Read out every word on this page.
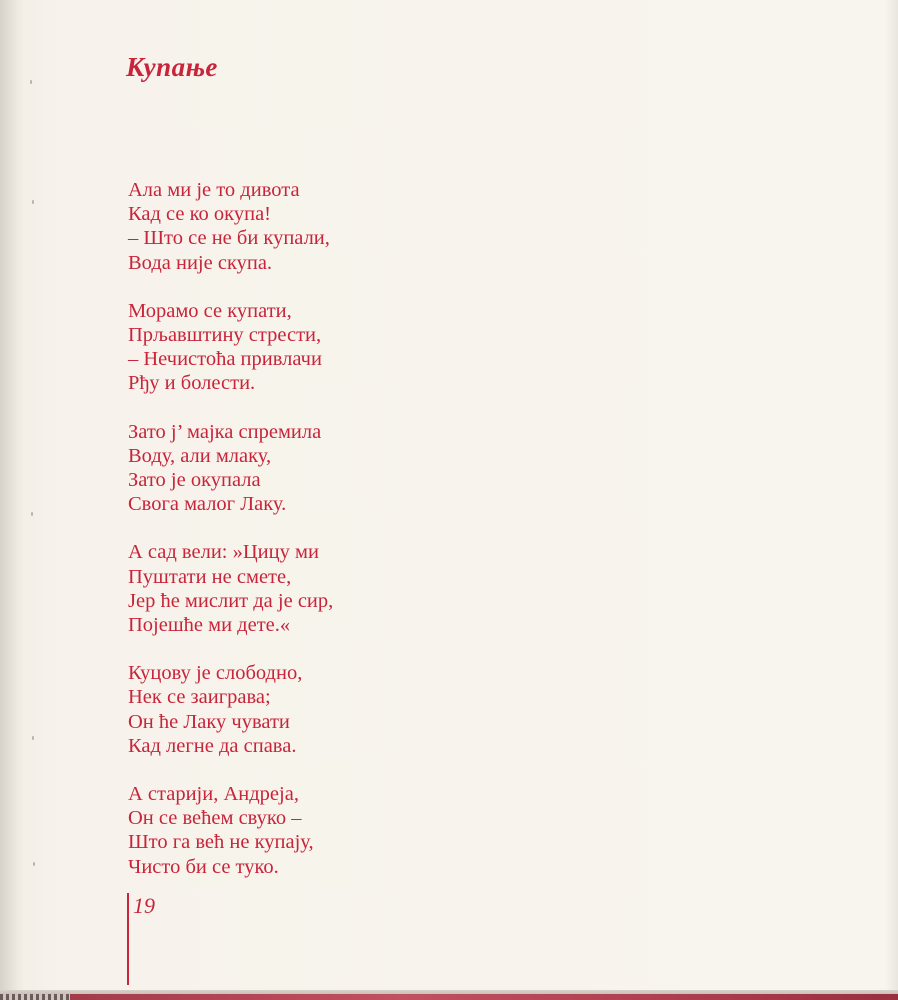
Купање
Ала ми је то дивота
Кад се ко окупа!
– Што се не би купали,
Вода није скупа.
Морамо се купати,
Прљавштину стрести,
– Нечистоћа привлачи
Рђу и болести.
Зато ј’ мајка спремила
Воду, али млаку,
Зато је окупала
Свога малог Лаку.
А сад вели: »Цицу ми
Пуштати не смете,
Јер ће мислит да је сир,
Појешће ми дете.«
Куцову је слободно,
Нек се заиграва;
Он ће Лаку чувати
Кад легне да спава.
А старији, Андреја,
Он се већем свуко –
Што га већ не купају,
Чисто би се туко.
19
